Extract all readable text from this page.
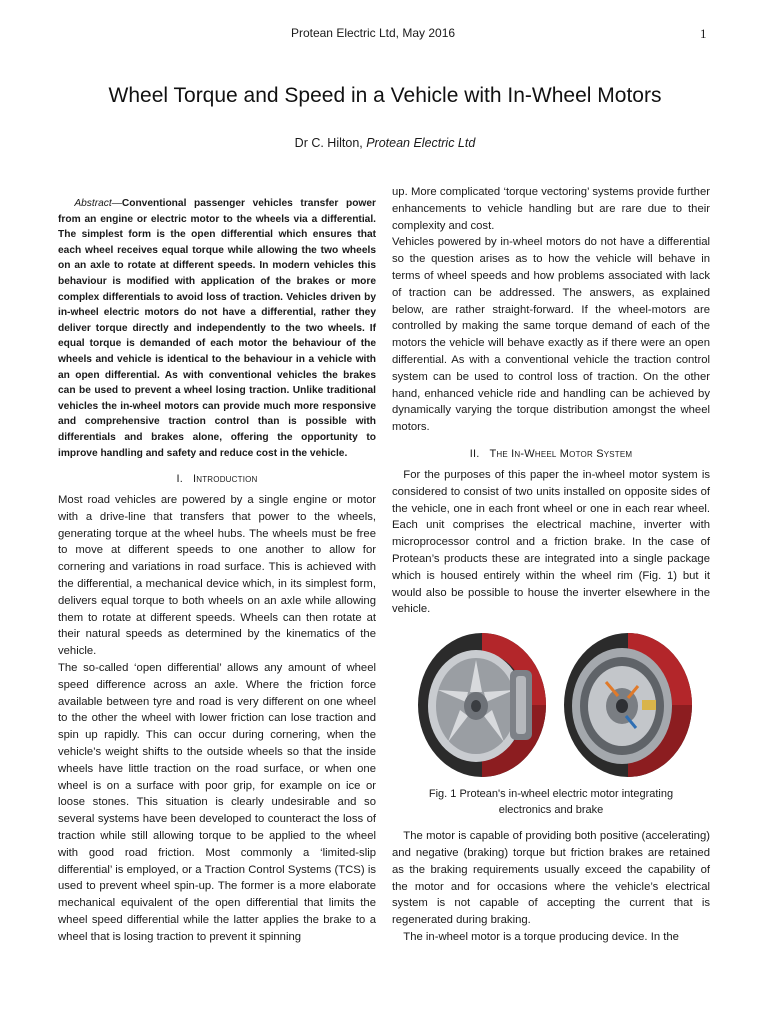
Protean Electric Ltd, May 2016	1
Wheel Torque and Speed in a Vehicle with In-Wheel Motors
Dr C. Hilton, Protean Electric Ltd

Abstract—Conventional passenger vehicles transfer power from an engine or electric motor to the wheels via a differential. The simplest form is the open differential which ensures that each wheel receives equal torque while allowing the two wheels on an axle to rotate at different speeds. In modern vehicles this behaviour is modified with application of the brakes or more complex differentials to avoid loss of traction. Vehicles driven by in-wheel electric motors do not have a differential, rather they deliver torque directly and independently to the two wheels. If equal torque is demanded of each motor the behaviour of the wheels and vehicle is identical to the behaviour in a vehicle with an open differential. As with conventional vehicles the brakes can be used to prevent a wheel losing traction. Unlike traditional vehicles the in-wheel motors can provide much more responsive and comprehensive traction control than is possible with differentials and brakes alone, offering the opportunity to improve handling and safety and reduce cost in the vehicle.

I. Introduction

Most road vehicles are powered by a single engine or motor with a drive-line that transfers that power to the wheels, generating torque at the wheel hubs. The wheels must be free to move at different speeds to one another to allow for cornering and variations in road surface. This is achieved with the differential, a mechanical device which, in its simplest form, delivers equal torque to both wheels on an axle while allowing them to rotate at different speeds. Wheels can then rotate at their natural speeds as determined by the kinematics of the vehicle.

The so-called ‘open differential’ allows any amount of wheel speed difference across an axle. Where the friction force available between tyre and road is very different on one wheel to the other the wheel with lower friction can lose traction and spin up rapidly. This can occur during cornering, when the vehicle’s weight shifts to the outside wheels so that the inside wheels have little traction on the road surface, or when one wheel is on a surface with poor grip, for example on ice or loose stones. This situation is clearly undesirable and so several systems have been developed to counteract the loss of traction while still allowing torque to be applied to the wheel with good road friction. Most commonly a ‘limited-slip differential’ is employed, or a Traction Control Systems (TCS) is used to prevent wheel spin-up. The former is a more elaborate mechanical equivalent of the open differential that limits the wheel speed differential while the latter applies the brake to a wheel that is losing traction to prevent it spinning

up. More complicated ‘torque vectoring’ systems provide further enhancements to vehicle handling but are rare due to their complexity and cost.

Vehicles powered by in-wheel motors do not have a differential so the question arises as to how the vehicle will behave in terms of wheel speeds and how problems associated with lack of traction can be addressed. The answers, as explained below, are rather straight-forward. If the wheel-motors are controlled by making the same torque demand of each of the motors the vehicle will behave exactly as if there were an open differential. As with a conventional vehicle the traction control system can be used to control loss of traction. On the other hand, enhanced vehicle ride and handling can be achieved by dynamically varying the torque distribution amongst the wheel motors.

II. The In-Wheel Motor System

For the purposes of this paper the in-wheel motor system is considered to consist of two units installed on opposite sides of the vehicle, one in each front wheel or one in each rear wheel. Each unit comprises the electrical machine, inverter with microprocessor control and a friction brake. In the case of Protean’s products these are integrated into a single package which is housed entirely within the wheel rim (Fig. 1) but it would also be possible to house the inverter elsewhere in the vehicle.

Fig. 1 Protean's in-wheel electric motor integrating electronics and brake

The motor is capable of providing both positive (accelerating) and negative (braking) torque but friction brakes are retained as the braking requirements usually exceed the capability of the motor and for occasions where the vehicle’s electrical system is not capable of accepting the current that is regenerated during braking.

The in-wheel motor is a torque producing device. In the
